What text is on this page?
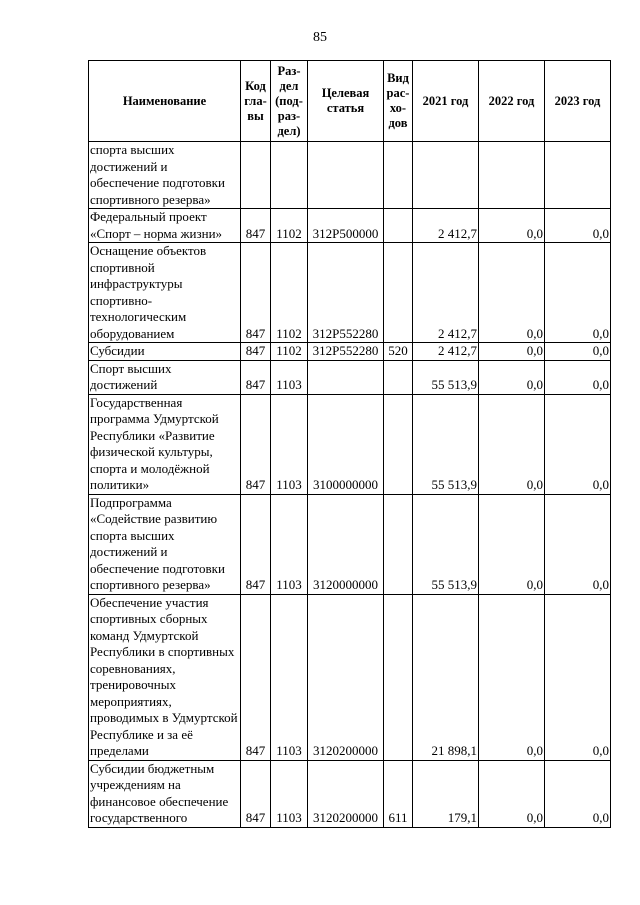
85
Наименование	Код гла- вы	Раз- дел (под- раз- дел)	Целевая статья	Вид рас- хо- дов	2021 год	2022 год	2023 год
спорта высших достижений и обеспечение подготовки спортивного резерва»							
Федеральный проект «Спорт – норма жизни»	847	1102	312P500000		2 412,7	0,0	0,0
Оснащение объектов спортивной инфраструктуры спортивно-технологическим оборудованием	847	1102	312P552280		2 412,7	0,0	0,0
Субсидии	847	1102	312P552280	520	2 412,7	0,0	0,0
Спорт высших достижений	847	1103			55 513,9	0,0	0,0
Государственная программа Удмуртской Республики «Развитие физической культуры, спорта и молодёжной политики»	847	1103	3100000000		55 513,9	0,0	0,0
Подпрограмма «Содействие развитию спорта высших достижений и обеспечение подготовки спортивного резерва»	847	1103	3120000000		55 513,9	0,0	0,0
Обеспечение участия спортивных сборных команд Удмуртской Республики в спортивных соревнованиях, тренировочных мероприятиях, проводимых в Удмуртской Республике и за её пределами	847	1103	3120200000		21 898,1	0,0	0,0
Субсидии бюджетным учреждениям на финансовое обеспечение государственного	847	1103	3120200000	611	179,1	0,0	0,0
